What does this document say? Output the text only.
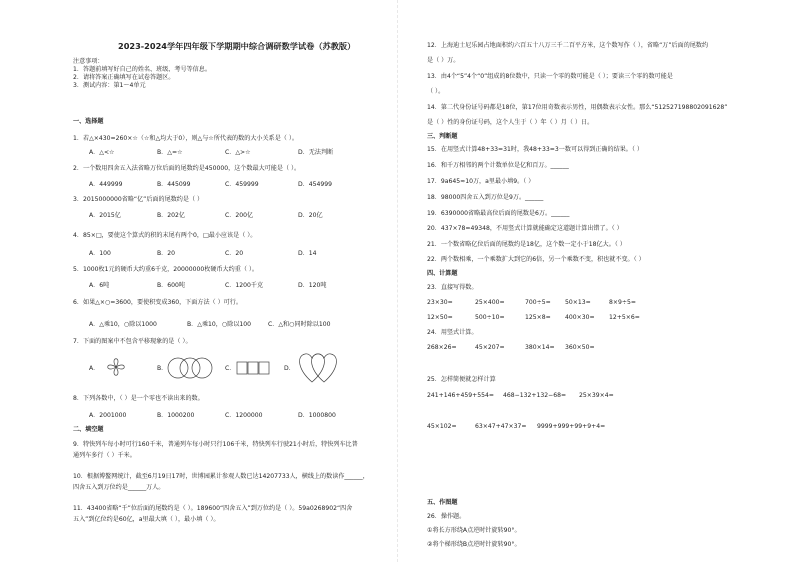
2023-2024学年四年级下学期期中综合调研数学试卷（苏教版）
注意事项：
1．答题前填写好自己的姓名、班级、考号等信息。
2．请将答案正确填写在试卷答题区。
3．测试内容：第1～4单元
一、选择题
1．若△×430=260×☆（☆和△均大于0），则△与☆所代表的数的大小关系是（ ）。
A．△<☆	B．△=☆	C．△>☆	D．无法判断
2．一个数用四舍五入法省略万位后面的尾数约是450000，这个数最大可能是（ ）。
A．449999	B．445099	C．459999	D．454999
3．2015000000省略“亿”后面的尾数约是（ ）
A．2015亿	B．202亿	C．200亿	D．20亿
4．85×□，要使这个算式的积的末尾有两个0，□最小应该是（ ）。
A．100	B．20	C．20	D．14
5．1000枚1元的硬币大约重6千克，20000000枚硬币大约重（ ）。
A．6吨	B．600吨	C．1200千克	D．120吨
6．如果△×○=3600，要使积变成360，下面方法（ ）可行。
A．△乘10，○除以1000	B．△乘10，○除以100	C．△和○同时除以100
7．下面的图案中不包含平移现象的是（ ）。
A．	B．	C．	D．
8．下列各数中，（ ）是一个零也不读出来的数。
A．2001000	B．1000200	C．1200000	D．1000800
二、填空题
9．特快列车每小时可行160千米，普通列车每小时只行106千米，特快列车行驶21小时后，特快列车比普
通列车多行（ ）千米。
10．根据博鳌网统计，截至6月19日17时，世博园累计参观人数已达14207733人，横线上的数读作______，
四舍五入到万位约是______万人。
11．43400省略“千”位后面的尾数约是（ ）。189600“四舍五入”到万位约是（ ）。59a0268902“四舍
五入”到亿位约是60亿，a里最大填（ ），最小填（ ）。
12．上海迪士尼乐园占地面积约六百五十八万三千二百平方米，这个数写作（ ），省略“万”后面的尾数约
是（ ）万。
13．由4个“5”4个“0”组成的8位数中，只读一个零的数可能是（ ）；要读三个零的数可能是
（ ）。
14．第二代身份证号码都是18位，第17位用奇数表示男性，用偶数表示女性。那么“512527198802091628”
是（ ）性的身份证号码，这个人生于（ ）年（ ）月（ ）日。
三、判断题
15．在用竖式计算48+33=31时，我48+33=3一数可以得到正确的结果。（ ）
16．和千万相邻的两个计数单位是亿和百万。______
17．9a645≈10万，a里最小填9。（ ）
18．98000四舍五入到万位是9万。______
19．6390000省略最高位后面的尾数是6万。______
20．437×78=49348，不用竖式计算就能确定这道题计算出错了。（ ）
21．一个数省略亿位后面的尾数约是18亿，这个数一定小于18亿大。（ ）
22．两个数相乘，一个乘数扩大到它的6倍，另一个乘数不变，积也就不变。（ ）
四、计算题
23．直接写得数。
23×30=	25×400=	700÷5= 50×13=	8×9÷5=
12×50=	500÷10=	125×8= 400×30= 12+5×6=
24．用竖式计算。
268×26=	45×207=	380×14= 360×50=
25．怎样简便就怎样计算
241+146+459+554= 468−132+132−68= 25×39×4=
45×102=	63×47+47×37= 9999+999+99+9+4=
五、作图题
26．操作题。
①将长方形绕A点逆时针旋转90°。
②将个梯形绕B点逆时针旋转90°。
